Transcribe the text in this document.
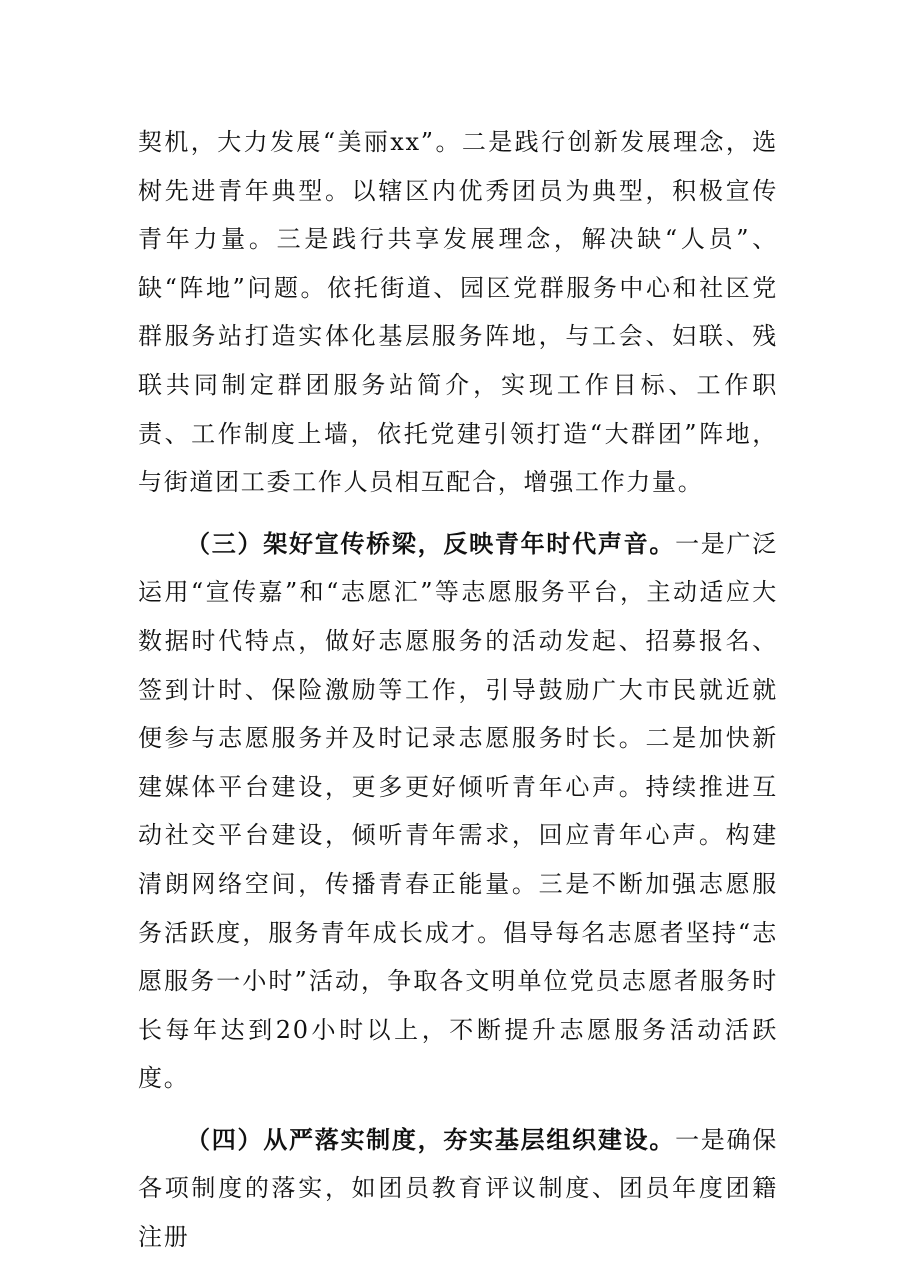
契机，大力发展“美丽xx”。二是践行创新发展理念，选树先进青年典型。以辖区内优秀团员为典型，积极宣传青年力量。三是践行共享发展理念，解决缺“人员”、缺“阵地”问题。依托街道、园区党群服务中心和社区党群服务站打造实体化基层服务阵地，与工会、妇联、残联共同制定群团服务站简介，实现工作目标、工作职责、工作制度上墙，依托党建引领打造“大群团”阵地，与街道团工委工作人员相互配合，增强工作力量。

（三）架好宣传桥梁，反映青年时代声音。一是广泛运用“宣传嘉”和“志愿汇”等志愿服务平台，主动适应大数据时代特点，做好志愿服务的活动发起、招募报名、签到计时、保险激励等工作，引导鼓励广大市民就近就便参与志愿服务并及时记录志愿服务时长。二是加快新建媒体平台建设，更多更好倾听青年心声。持续推进互动社交平台建设，倾听青年需求，回应青年心声。构建清朗网络空间，传播青春正能量。三是不断加强志愿服务活跃度，服务青年成长成才。倡导每名志愿者坚持“志愿服务一小时”活动，争取各文明单位党员志愿者服务时长每年达到20小时以上，不断提升志愿服务活动活跃度。

（四）从严落实制度，夯实基层组织建设。一是确保各项制度的落实，如团员教育评议制度、团员年度团籍注册
